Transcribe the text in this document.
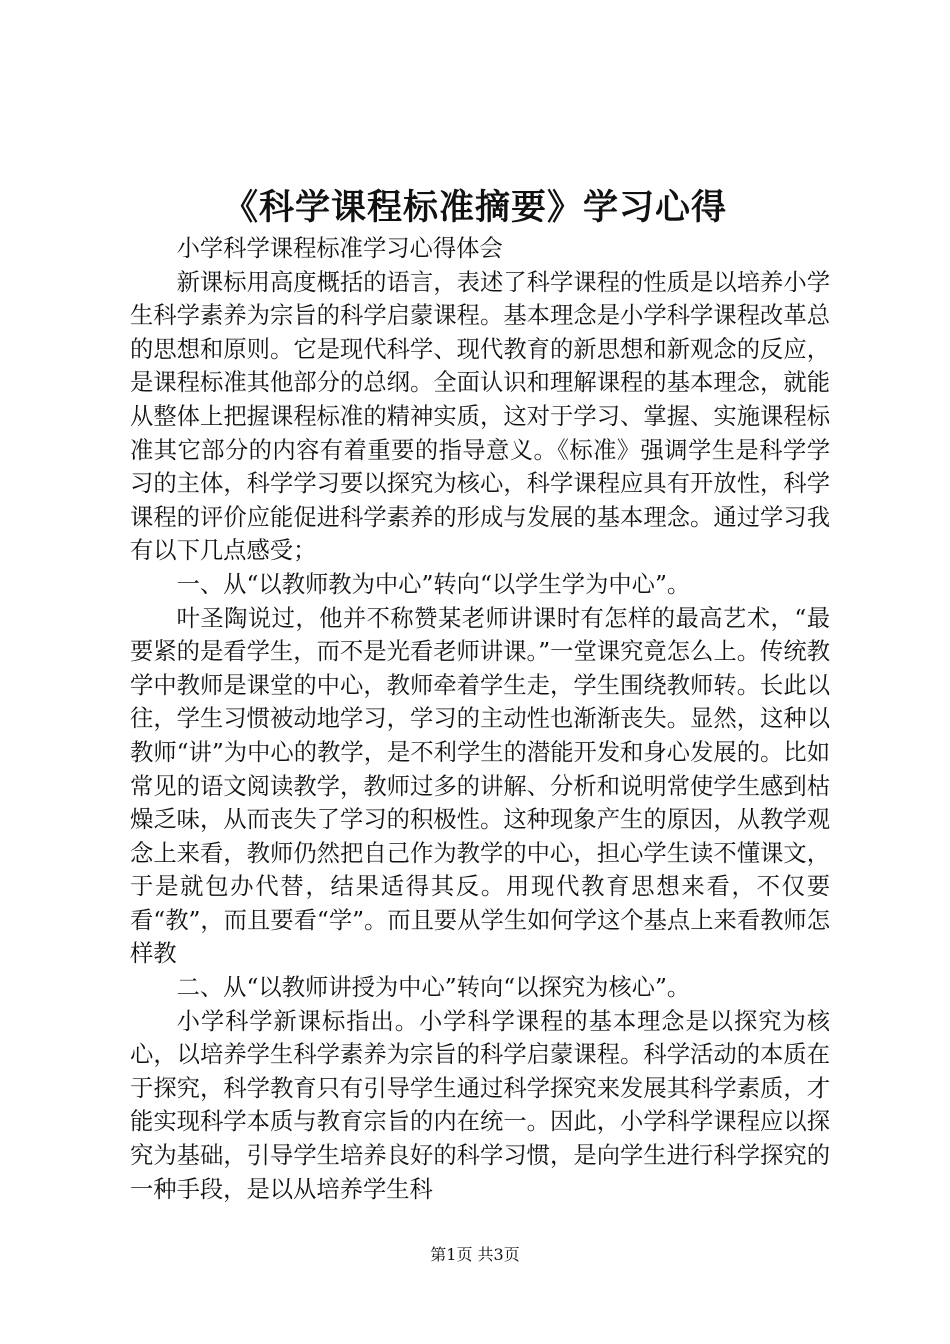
《科学课程标准摘要》学习心得

小学科学课程标准学习心得体会

新课标用高度概括的语言，表述了科学课程的性质是以培养小学生科学素养为宗旨的科学启蒙课程。基本理念是小学科学课程改革总的思想和原则。它是现代科学、现代教育的新思想和新观念的反应，是课程标准其他部分的总纲。全面认识和理解课程的基本理念，就能从整体上把握课程标准的精神实质，这对于学习、掌握、实施课程标准其它部分的内容有着重要的指导意义。《标准》强调学生是科学学习的主体，科学学习要以探究为核心，科学课程应具有开放性，科学课程的评价应能促进科学素养的形成与发展的基本理念。通过学习我有以下几点感受；

一、从“以教师教为中心”转向“以学生学为中心”。

叶圣陶说过，他并不称赞某老师讲课时有怎样的最高艺术，“最要紧的是看学生，而不是光看老师讲课。”一堂课究竟怎么上。传统教学中教师是课堂的中心，教师牵着学生走，学生围绕教师转。长此以往，学生习惯被动地学习，学习的主动性也渐渐丧失。显然，这种以教师“讲”为中心的教学，是不利学生的潜能开发和身心发展的。比如常见的语文阅读教学，教师过多的讲解、分析和说明常使学生感到枯燥乏味，从而丧失了学习的积极性。这种现象产生的原因，从教学观念上来看，教师仍然把自己作为教学的中心，担心学生读不懂课文，于是就包办代替，结果适得其反。用现代教育思想来看，不仅要看“教”，而且要看“学”。而且要从学生如何学这个基点上来看教师怎样教

二、从“以教师讲授为中心”转向“以探究为核心”。

小学科学新课标指出。小学科学课程的基本理念是以探究为核心，以培养学生科学素养为宗旨的科学启蒙课程。科学活动的本质在于探究，科学教育只有引导学生通过科学探究来发展其科学素质，才能实现科学本质与教育宗旨的内在统一。因此，小学科学课程应以探究为基础，引导学生培养良好的科学习惯，是向学生进行科学探究的一种手段，是以从培养学生科

第1页 共3页
